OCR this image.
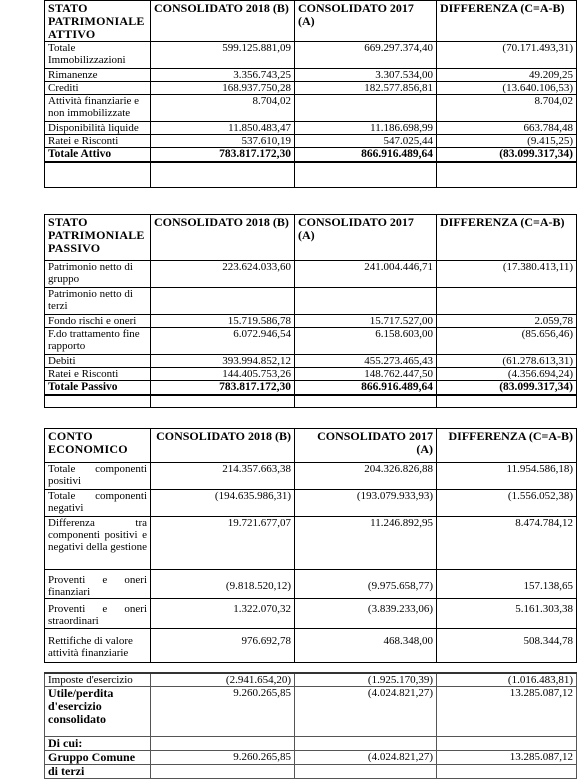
STATO PATRIMONIALE ATTIVO	CONSOLIDATO 2018 (B)	CONSOLIDATO 2017 (A)	DIFFERENZA (C=A-B)
Totale Immobilizzazioni	599.125.881,09	669.297.374,40	(70.171.493,31)
Rimanenze	3.356.743,25	3.307.534,00	49.209,25
Crediti	168.937.750,28	182.577.856,81	(13.640.106,53)
Attività finanziarie e non immobilizzate	8.704,02		8.704,02
Disponibilità liquide	11.850.483,47	11.186.698,99	663.784,48
Ratei e Risconti	537.610,19	547.025,44	(9.415,25)
Totale Attivo	783.817.172,30	866.916.489,64	(83.099.317,34)

STATO PATRIMONIALE PASSIVO	CONSOLIDATO 2018 (B)	CONSOLIDATO 2017 (A)	DIFFERENZA (C=A-B)
Patrimonio netto di gruppo	223.624.033,60	241.004.446,71	(17.380.413,11)
Patrimonio netto di terzi			
Fondo rischi e oneri	15.719.586,78	15.717.527,00	2.059,78
F.do trattamento fine rapporto	6.072.946,54	6.158.603,00	(85.656,46)
Debiti	393.994.852,12	455.273.465,43	(61.278.613,31)
Ratei e Risconti	144.405.753,26	148.762.447,50	(4.356.694,24)
Totale Passivo	783.817.172,30	866.916.489,64	(83.099.317,34)

CONTO ECONOMICO	CONSOLIDATO 2018 (B)	CONSOLIDATO 2017 (A)	DIFFERENZA (C=A-B)
Totale componenti positivi	214.357.663,38	204.326.826,88	11.954.586,18)
Totale componenti negativi	(194.635.986,31)	(193.079.933,93)	(1.556.052,38)
Differenza tra componenti positivi e negativi della gestione	19.721.677,07	11.246.892,95	8.474.784,12
Proventi e oneri finanziari	(9.818.520,12)	(9.975.658,77)	157.138,65
Proventi e oneri straordinari	1.322.070,32	(3.839.233,06)	5.161.303,38
Rettifiche di valore attività finanziarie	976.692,78	468.348,00	508.344,78
Imposte d'esercizio	(2.941.654,20)	(1.925.170,39)	(1.016.483,81)
Utile/perdita d'esercizio consolidato	9.260.265,85	(4.024.821,27)	13.285.087,12
Di cui:			
Gruppo Comune	9.260.265,85	(4.024.821,27)	13.285.087,12
di terzi			
